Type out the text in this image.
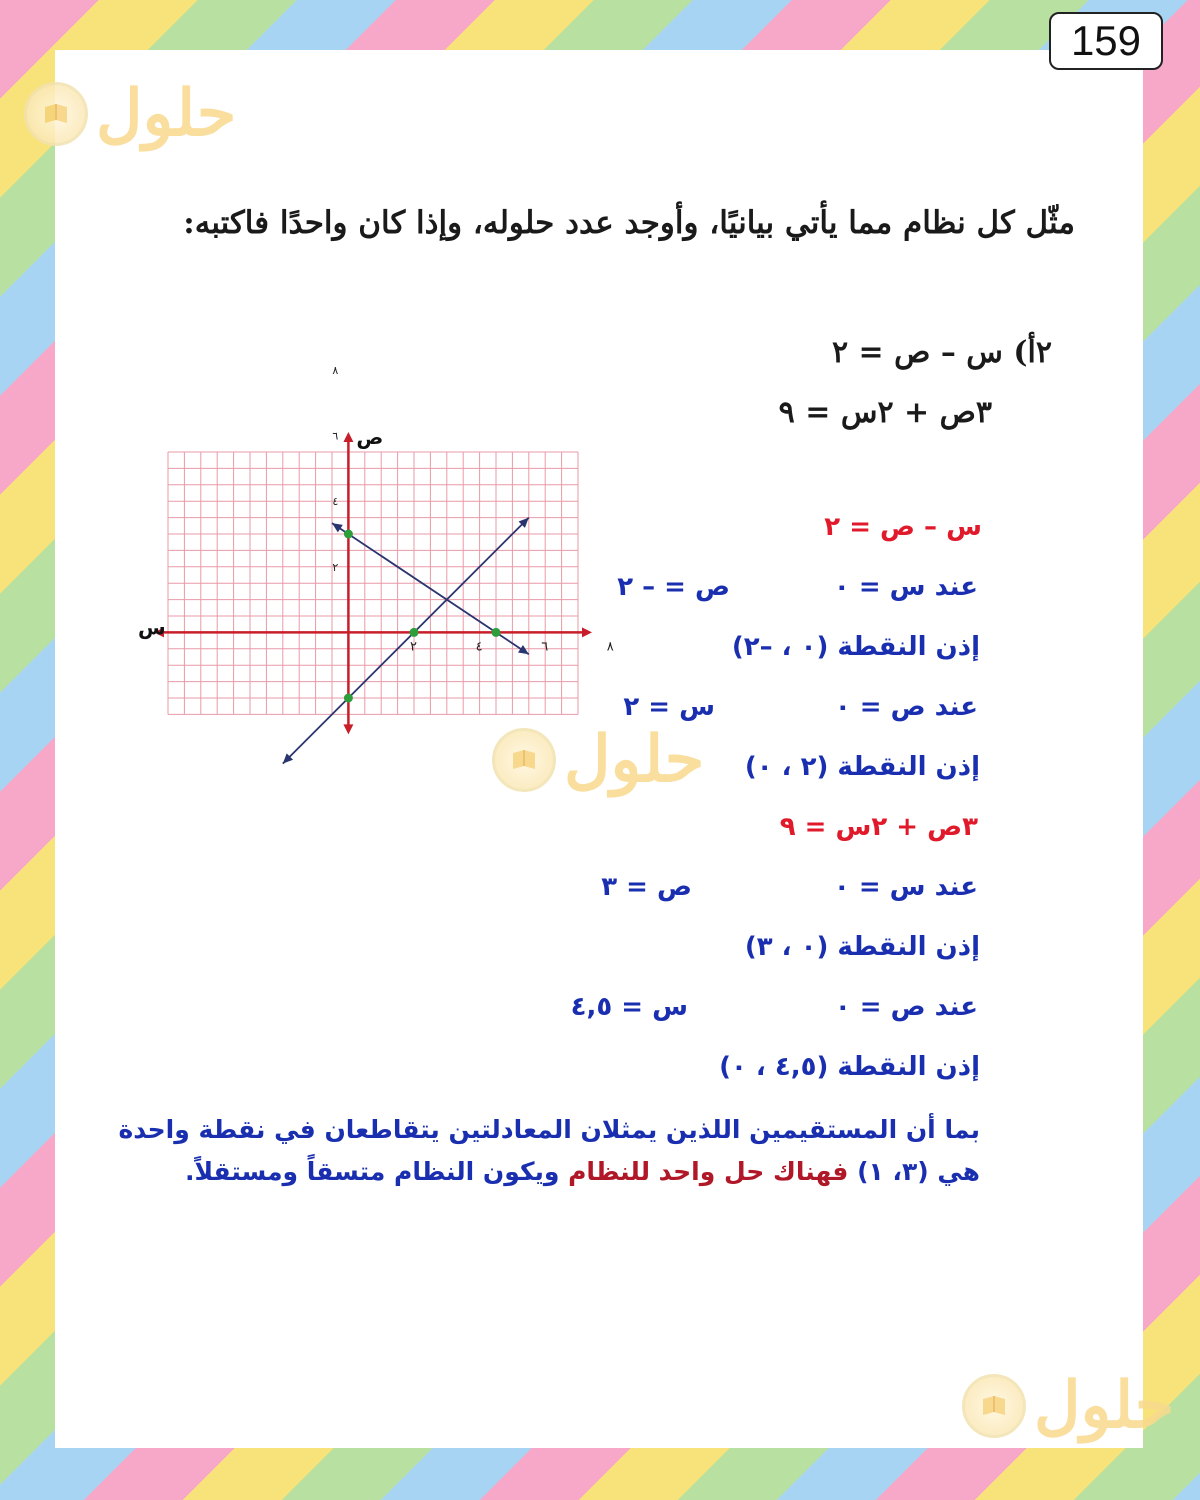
159
حلول
حلول
حلول
مثّل كل نظام مما يأتي بيانيًا، وأوجد عدد حلوله، وإذا كان واحدًا فاكتبه:
٢أ) س – ص = ٢
٣ص + ٢س = ٩
ص
س
٨
٦
٤
٢
٢	٤	٦	٨
س – ص = ٢
عند س = ٠
ص = – ٢
إذن النقطة (٠ ، –٢)
عند ص = ٠
س = ٢
إذن النقطة (٢ ، ٠)
٣ص + ٢س = ٩
عند س = ٠
ص = ٣
إذن النقطة (٠ ، ٣)
عند ص = ٠
س = ٤,٥
إذن النقطة (٤,٥ ، ٠)
بما أن المستقيمين اللذين يمثلان المعادلتين يتقاطعان في نقطة واحدة
هي (٣، ١) فهناك حل واحد للنظام ويكون النظام متسقاً ومستقلاً.
